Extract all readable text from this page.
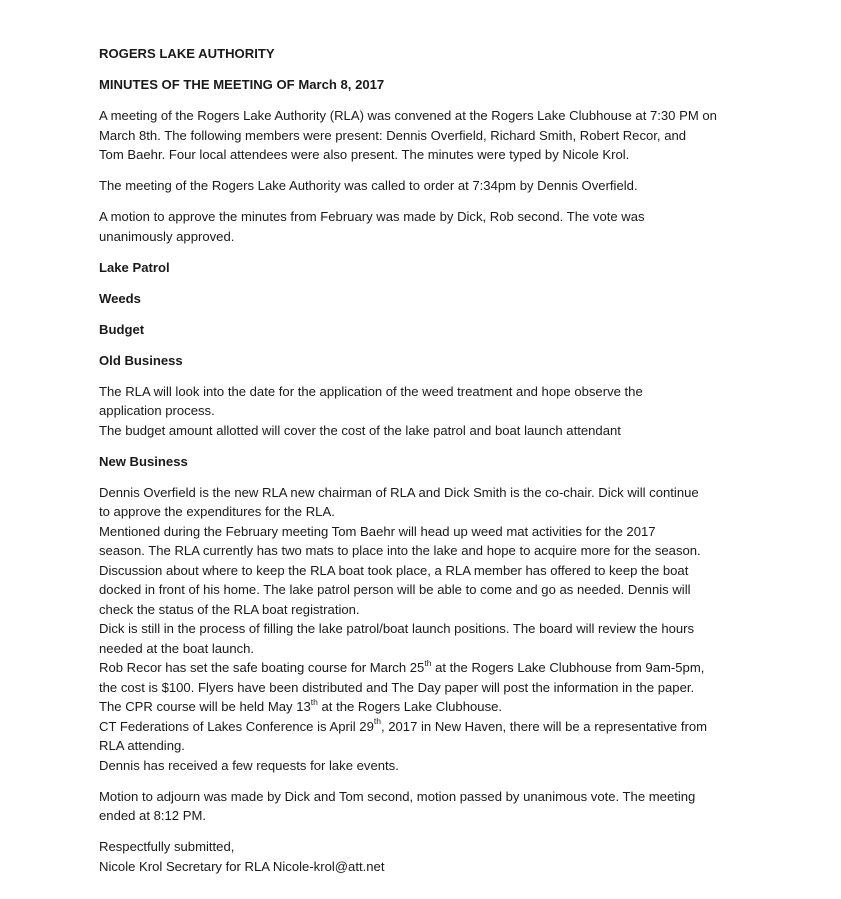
ROGERS LAKE AUTHORITY

MINUTES OF THE MEETING OF March 8, 2017

A meeting of the Rogers Lake Authority (RLA) was convened at the Rogers Lake Clubhouse at 7:30 PM on

March 8th. The following members were present: Dennis Overfield, Richard Smith, Robert Recor, and

Tom Baehr. Four local attendees were also present. The minutes were typed by Nicole Krol.

The meeting of the Rogers Lake Authority was called to order at 7:34pm by Dennis Overfield.

A motion to approve the minutes from February was made by Dick, Rob second. The vote was

unanimously approved.

Lake Patrol

Weeds

Budget

Old Business

The RLA will look into the date for the application of the weed treatment and hope observe the

application process.

The budget amount allotted will cover the cost of the lake patrol and boat launch attendant

New Business

Dennis Overfield is the new RLA new chairman of RLA and Dick Smith is the co-chair. Dick will continue

to approve the expenditures for the RLA.

Mentioned during the February meeting Tom Baehr will head up weed mat activities for the 2017

season. The RLA currently has two mats to place into the lake and hope to acquire more for the season.

Discussion about where to keep the RLA boat took place, a RLA member has offered to keep the boat

docked in front of his home. The lake patrol person will be able to come and go as needed. Dennis will

check the status of the RLA boat registration.

Dick is still in the process of filling the lake patrol/boat launch positions. The board will review the hours

needed at the boat launch.

Rob Recor has set the safe boating course for March 25th at the Rogers Lake Clubhouse from 9am-5pm,

the cost is $100. Flyers have been distributed and The Day paper will post the information in the paper.

The CPR course will be held May 13th at the Rogers Lake Clubhouse.

CT Federations of Lakes Conference is April 29th, 2017 in New Haven, there will be a representative from

RLA attending.

Dennis has received a few requests for lake events.

Motion to adjourn was made by Dick and Tom second, motion passed by unanimous vote. The meeting

ended at 8:12 PM.

Respectfully submitted,

Nicole Krol Secretary for RLA Nicole-krol@att.net
